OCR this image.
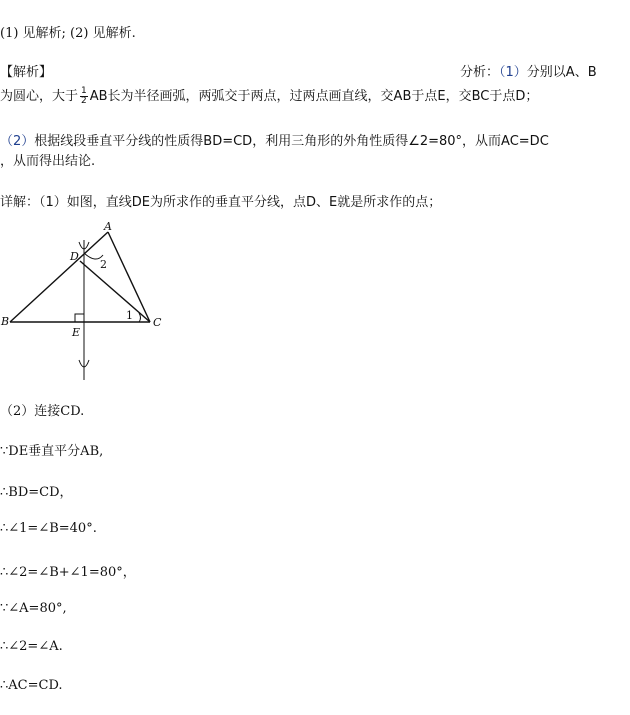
(1) 见解析; (2) 见解析.
【解析】	分析：（1）分别以A、B
为圆心，大于 $\frac{1}{2}$ AB长为半径画弧，两弧交于两点，过两点画直线，交AB于点E，交BC于点D；
（2）根据线段垂直平分线的性质得BD=CD，利用三角形的外角性质得∠2=80°，从而AC=DC
，从而得出结论.
详解：（1）如图，直线DE为所求作的垂直平分线，点D、E就是所求作的点；
A
B	C
D
E
1
2
（2）连接CD.
∵DE垂直平分AB,
∴BD=CD，
∴∠1=∠B=40°.
∴∠2=∠B+∠1=80°，
∵∠A=80°,
∴∠2=∠A.
∴AC=CD.
